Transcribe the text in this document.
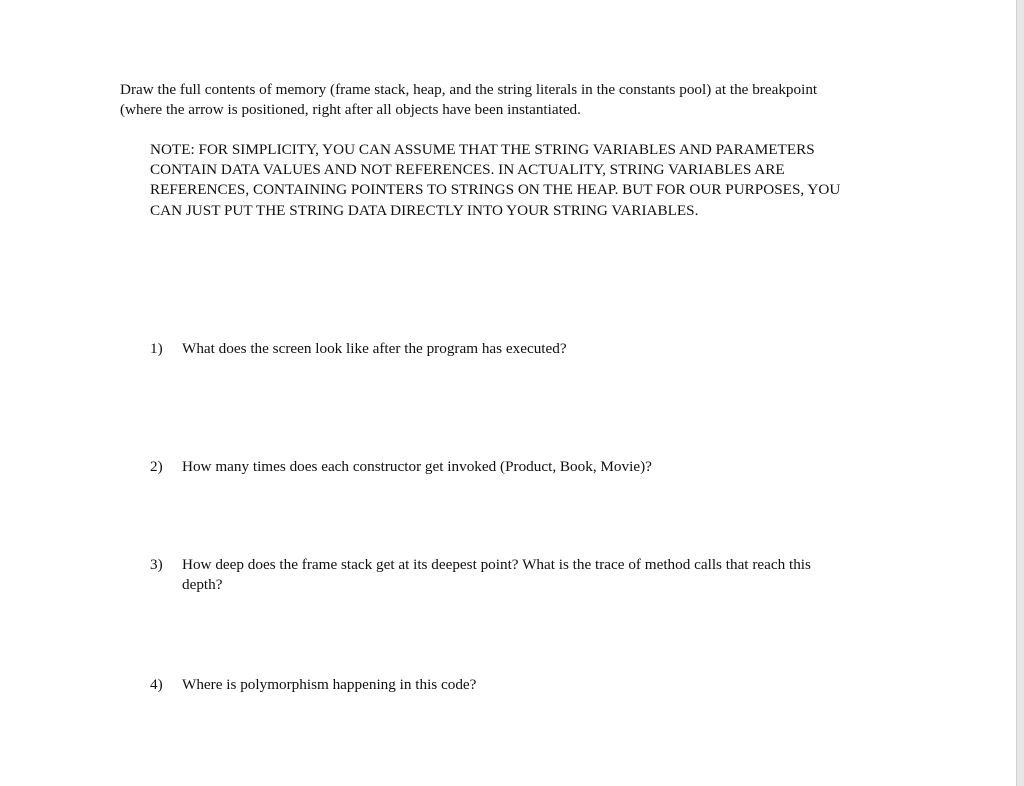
Draw the full contents of memory (frame stack, heap, and the string literals in the constants pool) at the breakpoint (where the arrow is positioned, right after all objects have been instantiated.

NOTE: FOR SIMPLICITY, YOU CAN ASSUME THAT THE STRING VARIABLES AND PARAMETERS CONTAIN DATA VALUES AND NOT REFERENCES. IN ACTUALITY, STRING VARIABLES ARE REFERENCES, CONTAINING POINTERS TO STRINGS ON THE HEAP. BUT FOR OUR PURPOSES, YOU CAN JUST PUT THE STRING DATA DIRECTLY INTO YOUR STRING VARIABLES.

1)	What does the screen look like after the program has executed?
2)	How many times does each constructor get invoked (Product, Book, Movie)?
3)	How deep does the frame stack get at its deepest point? What is the trace of method calls that reach this depth?
4)	Where is polymorphism happening in this code?
